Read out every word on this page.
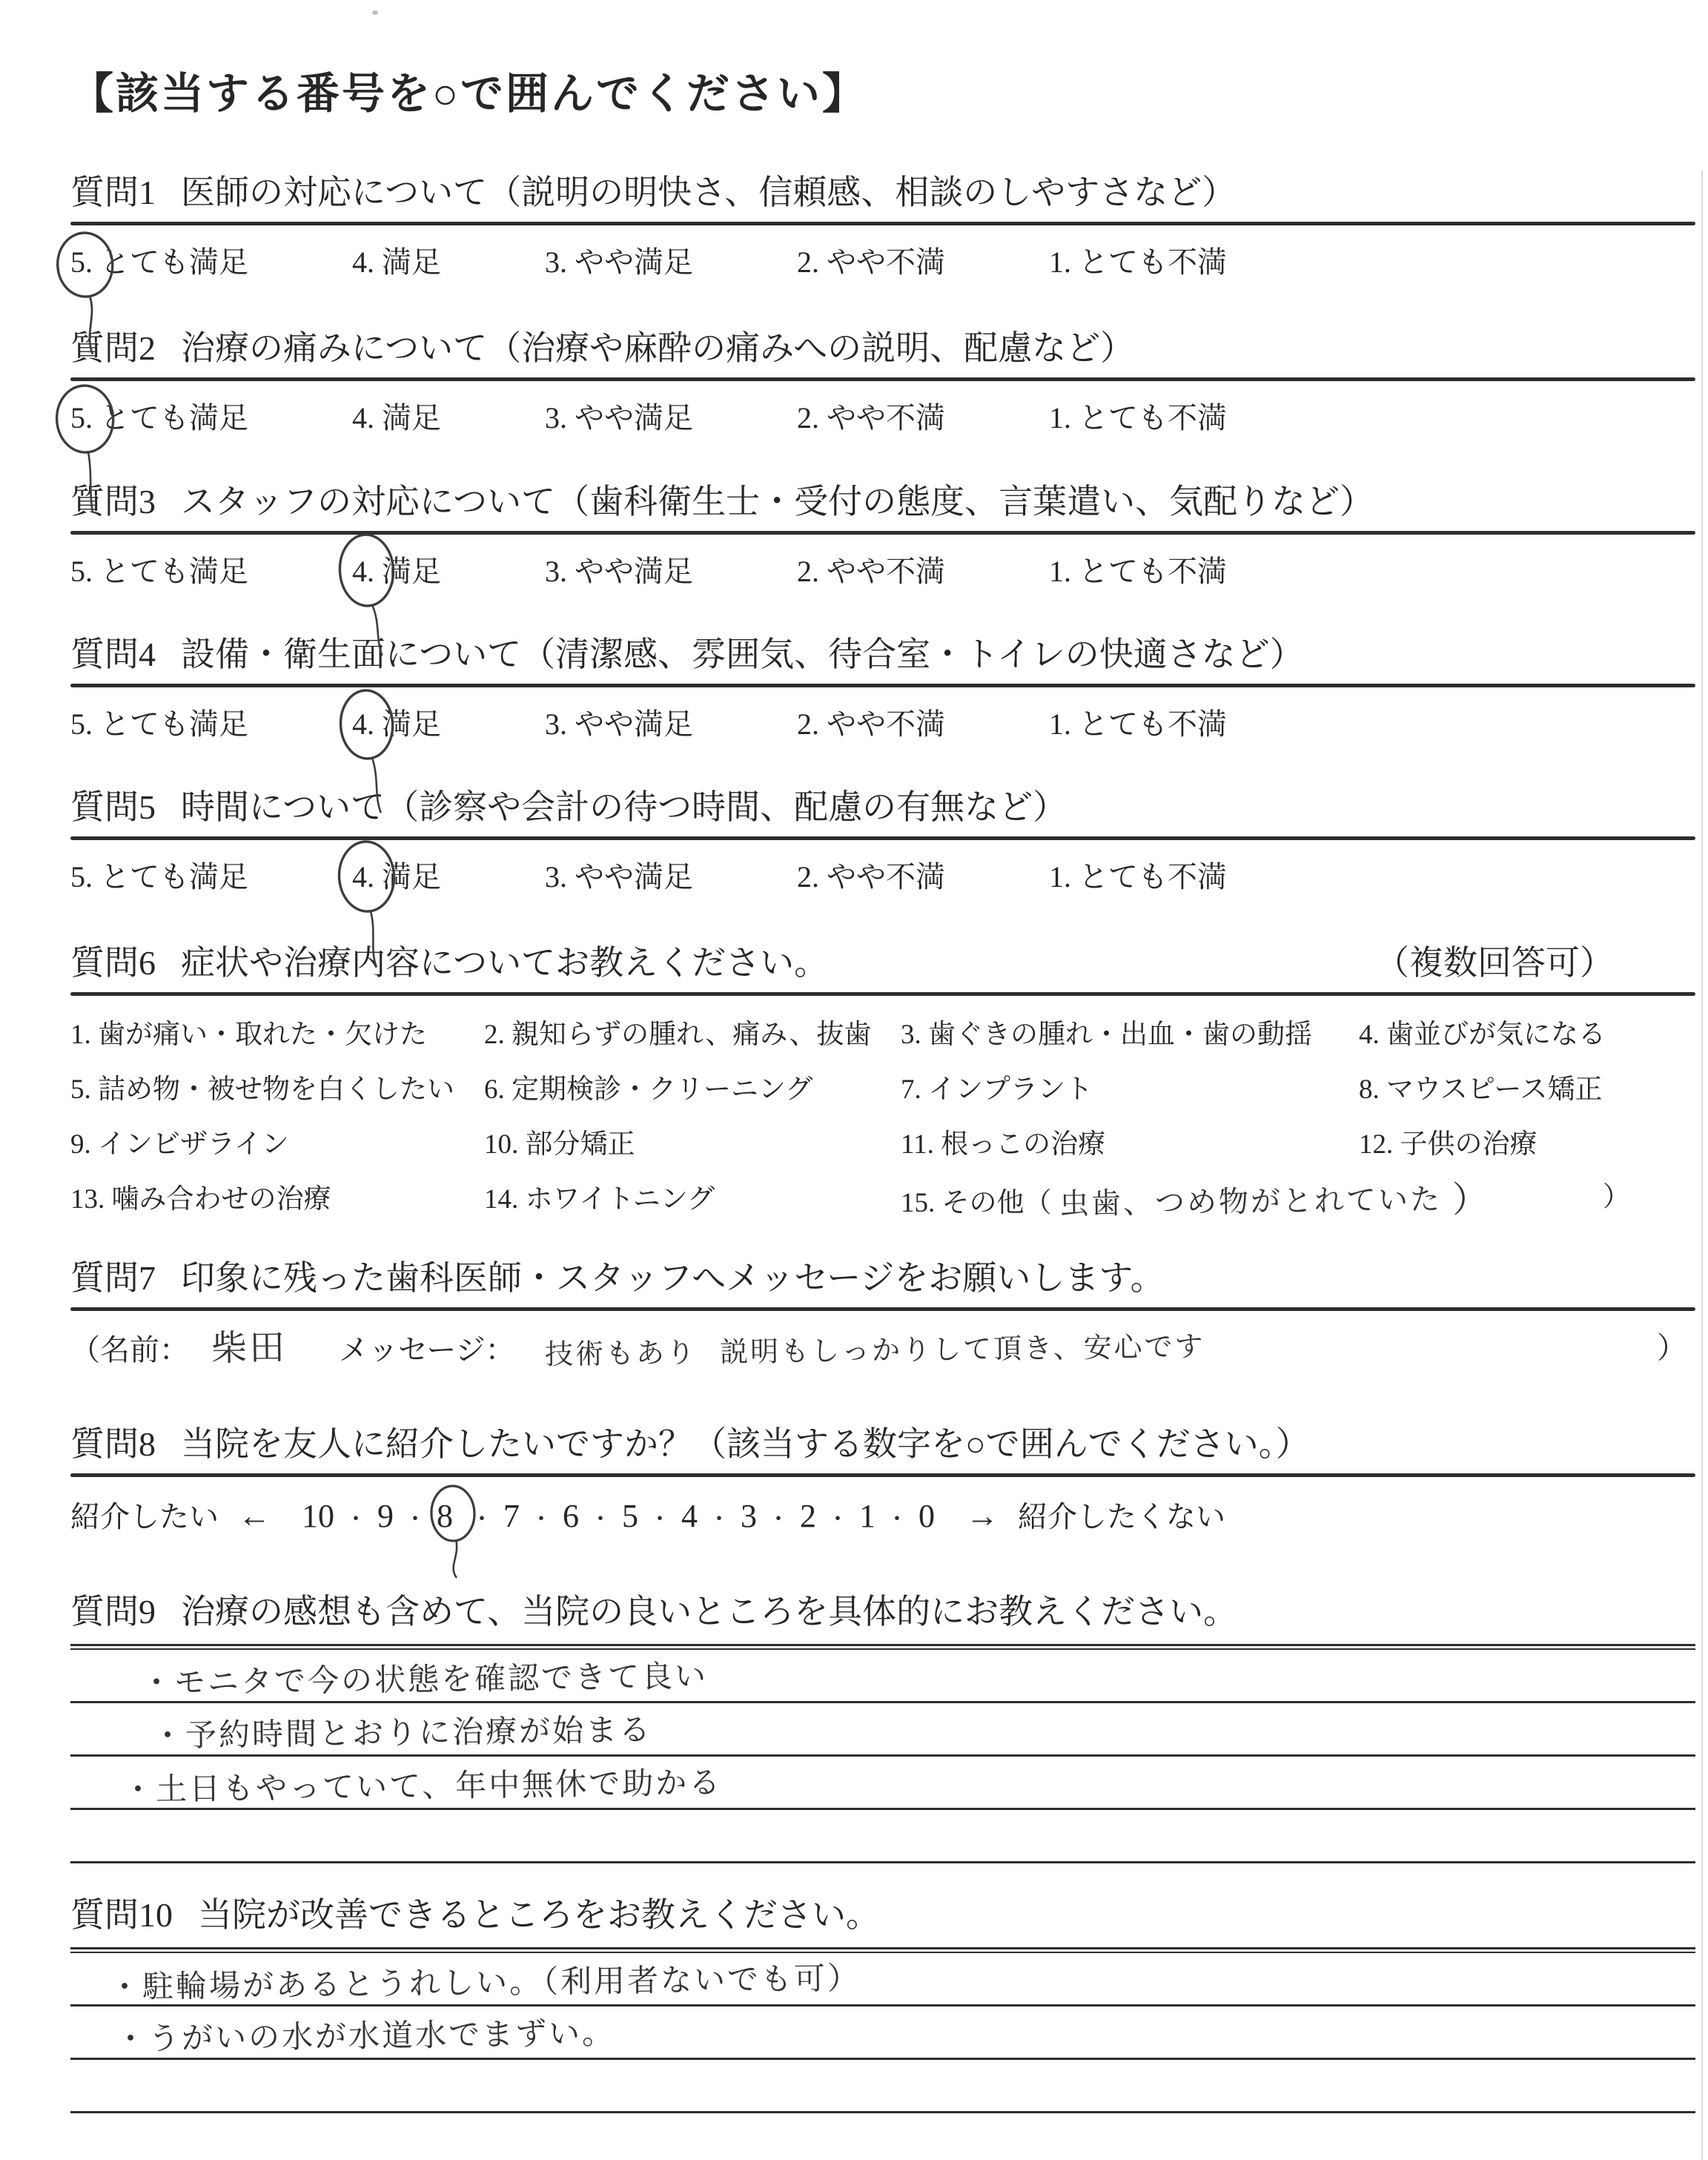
【該当する番号を○で囲んでください】
質問1 医師の対応について（説明の明快さ、信頼感、相談のしやすさなど）
5. とても満足	4. 満足	3. やや満足	2. やや不満	1. とても不満
質問2 治療の痛みについて（治療や麻酔の痛みへの説明、配慮など）
5. とても満足	4. 満足	3. やや満足	2. やや不満	1. とても不満
質問3 スタッフの対応について（歯科衛生士・受付の態度、言葉遣い、気配りなど）
5. とても満足	4. 満足	3. やや満足	2. やや不満	1. とても不満
質問4 設備・衛生面について（清潔感、雰囲気、待合室・トイレの快適さなど）
5. とても満足	4. 満足	3. やや満足	2. やや不満	1. とても不満
質問5 時間について（診察や会計の待つ時間、配慮の有無など）
5. とても満足	4. 満足	3. やや満足	2. やや不満	1. とても不満
質問6 症状や治療内容についてお教えください。	（複数回答可）
1. 歯が痛い・取れた・欠けた	2. 親知らずの腫れ、痛み、抜歯	3. 歯ぐきの腫れ・出血・歯の動揺	4. 歯並びが気になる
5. 詰め物・被せ物を白くしたい	6. 定期検診・クリーニング	7. インプラント	8. マウスピース矯正
9. インビザライン	10. 部分矯正	11. 根っこの治療	12. 子供の治療
13. 噛み合わせの治療	14. ホワイトニング	15. その他（ 虫歯、つめ物がとれていた ）	）
質問7 印象に残った歯科医師・スタッフへメッセージをお願いします。
（名前： 柴田 メッセージ： 技術もあり 説明もしっかりして頂き、安心です	）
質問8 当院を友人に紹介したいですか？（該当する数字を○で囲んでください。）
紹介したい ← 10 ・ 9 ・ 8 ・ 7 ・ 6 ・ 5 ・ 4 ・ 3 ・ 2 ・ 1 ・ 0 → 紹介したくない
質問9 治療の感想も含めて、当院の良いところを具体的にお教えください。
・モニタで今の状態を確認できて良い
・予約時間とおりに治療が始まる
・土日もやっていて、年中無休で助かる
質問10 当院が改善できるところをお教えください。
・駐輪場があるとうれしい。（利用者ないでも可）
・うがいの水が水道水でまずい。
